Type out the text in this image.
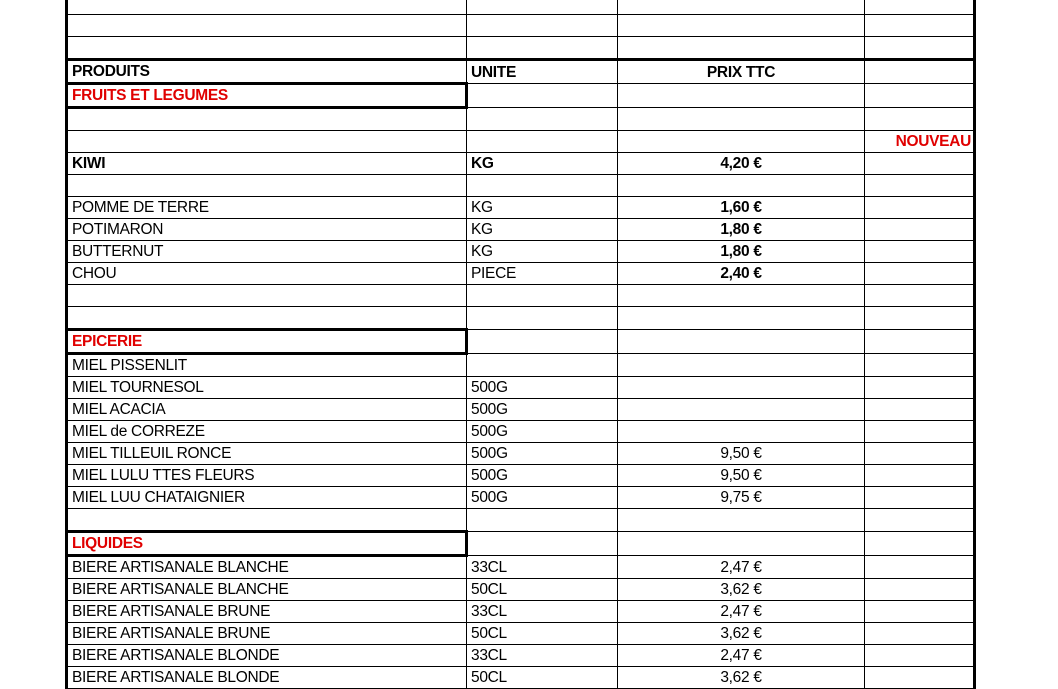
PRODUITS	UNITE	PRIX TTC	
FRUITS ET LEGUMES			

			NOUVEAU
KIWI	KG	4,20 €	

POMME DE TERRE	KG	1,60 €	
POTIMARON	KG	1,80 €	
BUTTERNUT	KG	1,80 €	
CHOU	PIECE	2,40 €	

EPICERIE			
MIEL PISSENLIT			
MIEL TOURNESOL	500G		
MIEL ACACIA	500G		
MIEL de CORREZE	500G		
MIEL TILLEUIL RONCE	500G	9,50 €	
MIEL LULU TTES FLEURS	500G	9,50 €	
MIEL LUU CHATAIGNIER	500G	9,75 €	

LIQUIDES			
BIERE ARTISANALE BLANCHE	33CL	2,47 €	
BIERE ARTISANALE BLANCHE	50CL	3,62 €	
BIERE ARTISANALE BRUNE	33CL	2,47 €	
BIERE ARTISANALE BRUNE	50CL	3,62 €	
BIERE ARTISANALE BLONDE	33CL	2,47 €	
BIERE ARTISANALE BLONDE	50CL	3,62 €	
